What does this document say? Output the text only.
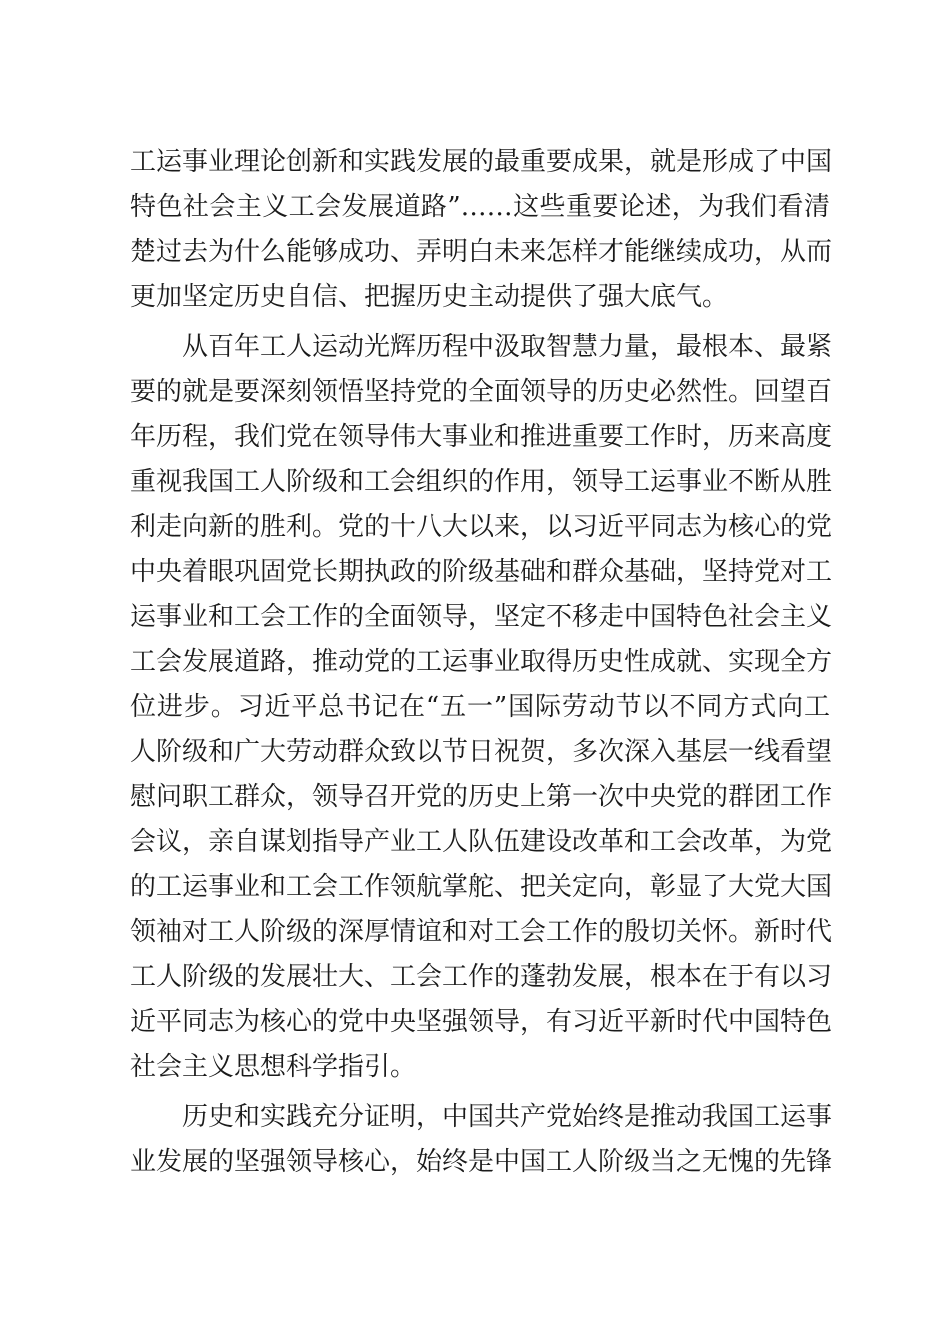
工运事业理论创新和实践发展的最重要成果，就是形成了中国
特色社会主义工会发展道路”……这些重要论述，为我们看清
楚过去为什么能够成功、弄明白未来怎样才能继续成功，从而
更加坚定历史自信、把握历史主动提供了强大底气。
从百年工人运动光辉历程中汲取智慧力量，最根本、最紧
要的就是要深刻领悟坚持党的全面领导的历史必然性。回望百
年历程，我们党在领导伟大事业和推进重要工作时，历来高度
重视我国工人阶级和工会组织的作用，领导工运事业不断从胜
利走向新的胜利。党的十八大以来，以习近平同志为核心的党
中央着眼巩固党长期执政的阶级基础和群众基础，坚持党对工
运事业和工会工作的全面领导，坚定不移走中国特色社会主义
工会发展道路，推动党的工运事业取得历史性成就、实现全方
位进步。习近平总书记在“五一”国际劳动节以不同方式向工
人阶级和广大劳动群众致以节日祝贺，多次深入基层一线看望
慰问职工群众，领导召开党的历史上第一次中央党的群团工作
会议，亲自谋划指导产业工人队伍建设改革和工会改革，为党
的工运事业和工会工作领航掌舵、把关定向，彰显了大党大国
领袖对工人阶级的深厚情谊和对工会工作的殷切关怀。新时代
工人阶级的发展壮大、工会工作的蓬勃发展，根本在于有以习
近平同志为核心的党中央坚强领导，有习近平新时代中国特色
社会主义思想科学指引。
历史和实践充分证明，中国共产党始终是推动我国工运事
业发展的坚强领导核心，始终是中国工人阶级当之无愧的先锋
